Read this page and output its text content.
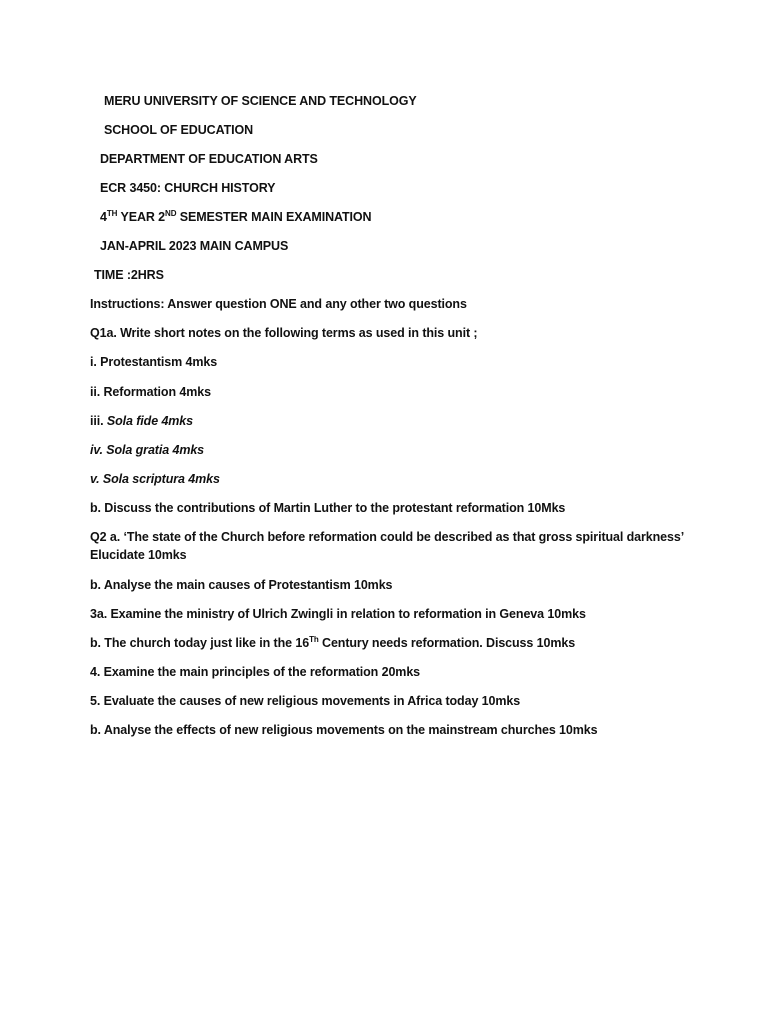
MERU UNIVERSITY OF SCIENCE AND TECHNOLOGY
SCHOOL OF EDUCATION
DEPARTMENT OF EDUCATION ARTS
ECR 3450: CHURCH HISTORY
4TH YEAR 2ND SEMESTER MAIN EXAMINATION
JAN-APRIL 2023 MAIN CAMPUS
TIME :2HRS
Instructions: Answer question ONE and any other two questions
Q1a. Write short notes on the following terms as used in this unit ;
i. Protestantism 4mks
ii. Reformation 4mks
iii. Sola fide 4mks
iv. Sola gratia 4mks
v. Sola scriptura 4mks
b. Discuss the contributions of Martin Luther to the protestant reformation 10Mks
Q2 a. ‘The state of the Church before reformation could be described as that gross spiritual darkness’ Elucidate 10mks
b. Analyse the main causes of Protestantism 10mks
3a. Examine the ministry of Ulrich Zwingli in relation to reformation in Geneva 10mks
b. The church today just like in the 16Th Century needs reformation. Discuss 10mks
4. Examine the main principles of the reformation 20mks
5. Evaluate the causes of new religious movements in Africa today 10mks
b. Analyse the effects of new religious movements on the mainstream churches 10mks
